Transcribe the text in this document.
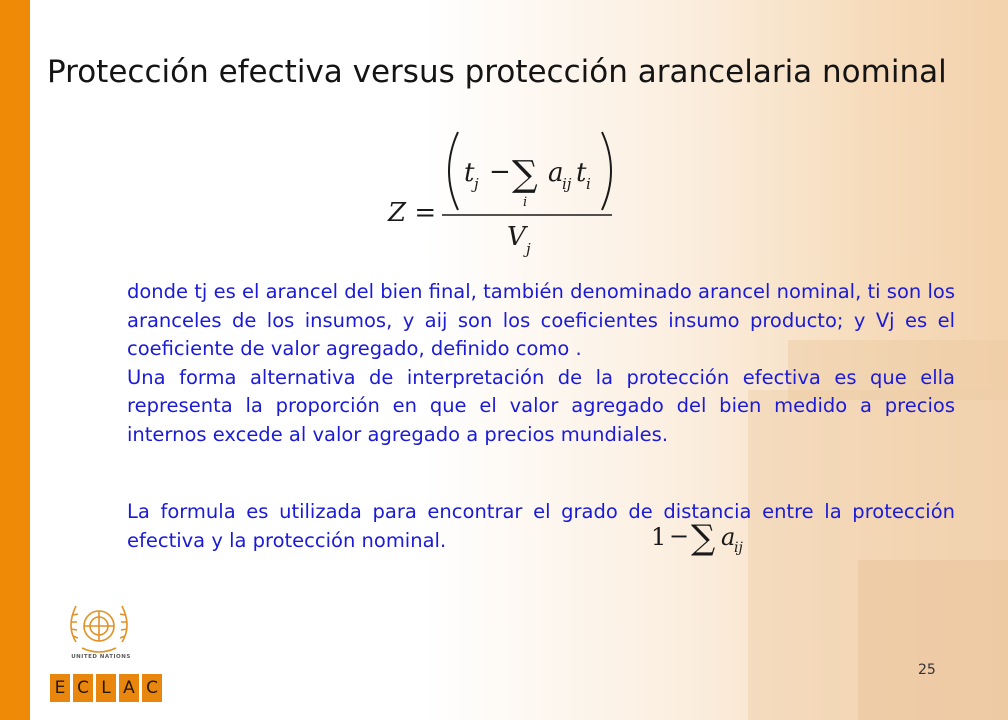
Protección efectiva versus protección arancelaria nominal
Z =
t j − ∑
i
a
ij t i
V j

donde tj es el arancel del bien final, también denominado arancel nominal, ti son los aranceles de los insumos, y aij son los coeficientes insumo producto; y Vj es el coeficiente de valor agregado, definido como .

Una forma alternativa de interpretación de la protección efectiva es que ella representa la proporción en que el valor agregado del bien medido a precios internos excede al valor agregado a precios mundiales.

La formula es utilizada para encontrar el grado de distancia entre la protección efectiva y la protección nominal.	1 − ∑ a
ij
UNITED NATIONS
E C L A C
25
